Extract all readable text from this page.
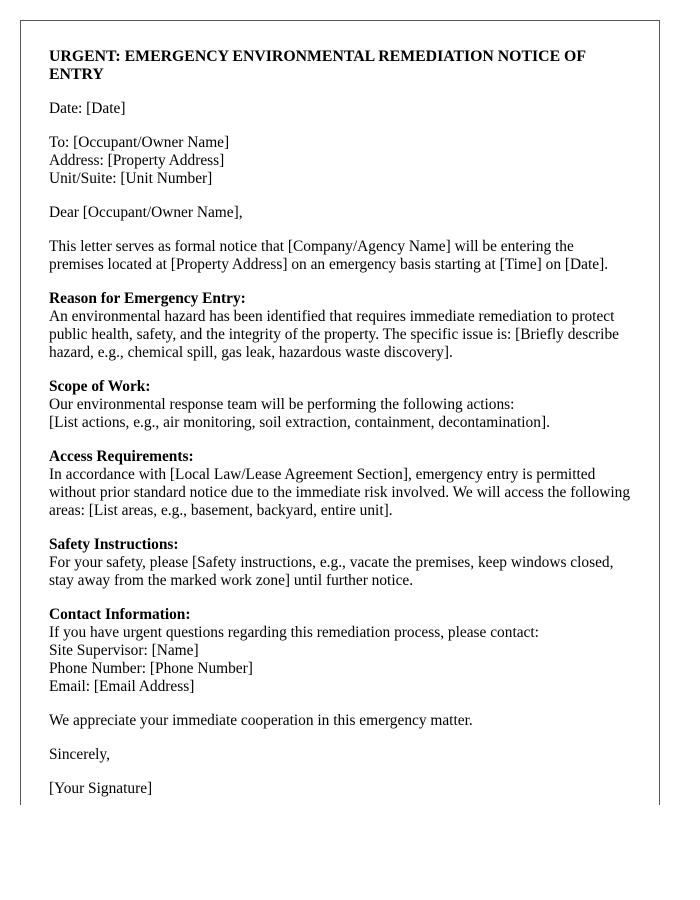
URGENT: EMERGENCY ENVIRONMENTAL REMEDIATION NOTICE OF ENTRY
Date: [Date]
To: [Occupant/Owner Name]
Address: [Property Address]
Unit/Suite: [Unit Number]
Dear [Occupant/Owner Name],
This letter serves as formal notice that [Company/Agency Name] will be entering the premises located at [Property Address] on an emergency basis starting at [Time] on [Date].
Reason for Emergency Entry:
An environmental hazard has been identified that requires immediate remediation to protect public health, safety, and the integrity of the property. The specific issue is: [Briefly describe hazard, e.g., chemical spill, gas leak, hazardous waste discovery].
Scope of Work:
Our environmental response team will be performing the following actions:
[List actions, e.g., air monitoring, soil extraction, containment, decontamination].
Access Requirements:
In accordance with [Local Law/Lease Agreement Section], emergency entry is permitted without prior standard notice due to the immediate risk involved. We will access the following areas: [List areas, e.g., basement, backyard, entire unit].
Safety Instructions:
For your safety, please [Safety instructions, e.g., vacate the premises, keep windows closed, stay away from the marked work zone] until further notice.
Contact Information:
If you have urgent questions regarding this remediation process, please contact:
Site Supervisor: [Name]
Phone Number: [Phone Number]
Email: [Email Address]
We appreciate your immediate cooperation in this emergency matter.
Sincerely,
[Your Signature]
